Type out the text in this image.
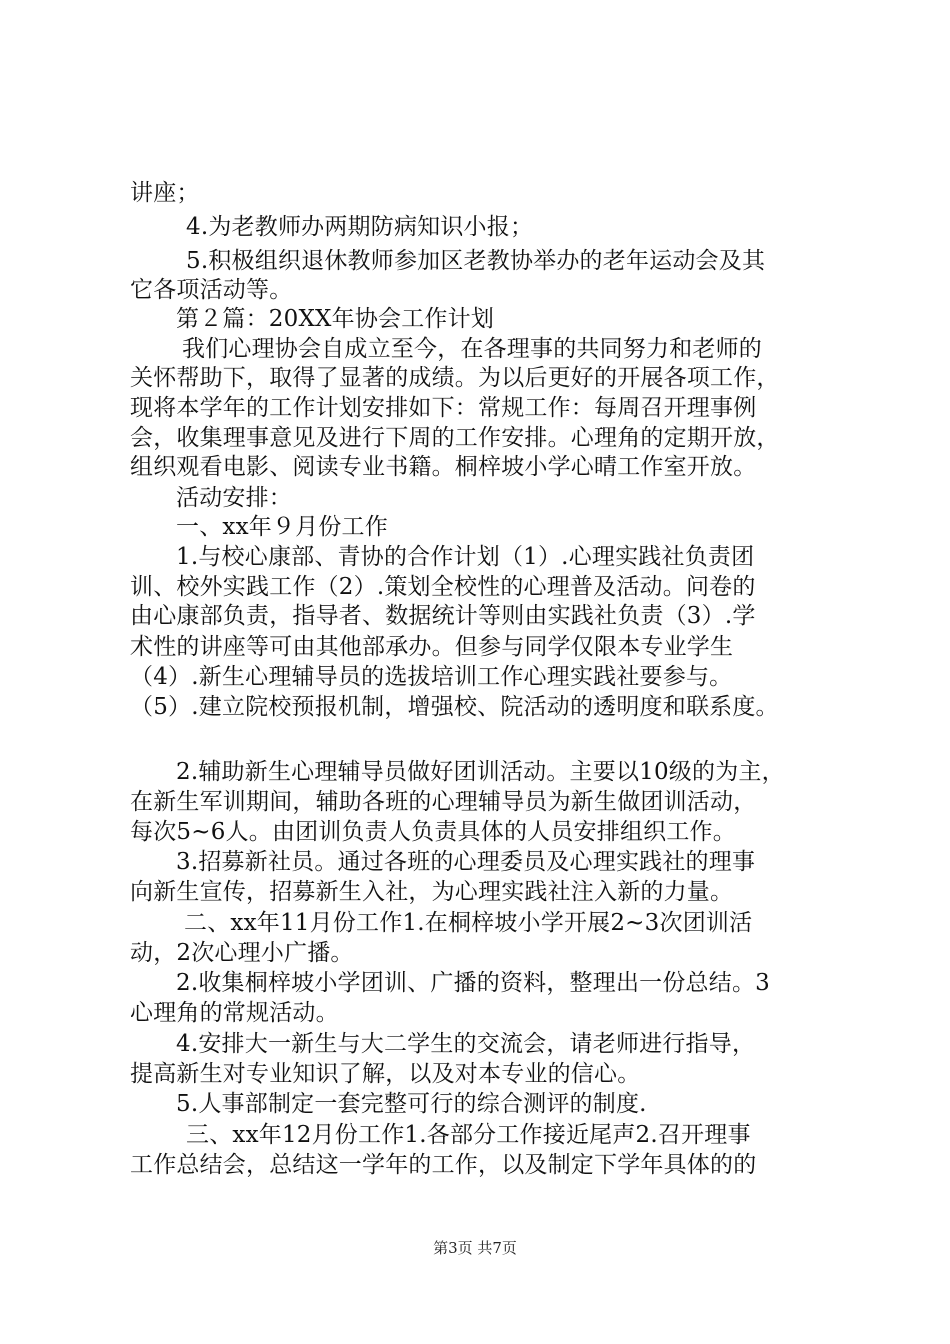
讲座；
4.为老教师办两期防病知识小报；
5.积极组织退休教师参加区老教协举办的老年运动会及其
它各项活动等。
第２篇：20XX年协会工作计划
我们心理协会自成立至今，在各理事的共同努力和老师的
关怀帮助下，取得了显著的成绩。为以后更好的开展各项工作，
现将本学年的工作计划安排如下：常规工作：每周召开理事例
会，收集理事意见及进行下周的工作安排。心理角的定期开放，
组织观看电影、阅读专业书籍。桐梓坡小学心晴工作室开放。
活动安排：
一、xx年９月份工作
1.与校心康部、青协的合作计划（1）.心理实践社负责团
训、校外实践工作（2）.策划全校性的心理普及活动。问卷的
由心康部负责，指导者、数据统计等则由实践社负责（3）.学
术性的讲座等可由其他部承办。但参与同学仅限本专业学生
（4）.新生心理辅导员的选拔培训工作心理实践社要参与。
（5）.建立院校预报机制，增强校、院活动的透明度和联系度。
2.辅助新生心理辅导员做好团训活动。主要以10级的为主，
在新生军训期间，辅助各班的心理辅导员为新生做团训活动，
每次5~6人。由团训负责人负责具体的人员安排组织工作。
3.招募新社员。通过各班的心理委员及心理实践社的理事
向新生宣传，招募新生入社，为心理实践社注入新的力量。
二、xx年11月份工作1.在桐梓坡小学开展2~3次团训活
动，2次心理小广播。
2.收集桐梓坡小学团训、广播的资料，整理出一份总结。3
心理角的常规活动。
4.安排大一新生与大二学生的交流会，请老师进行指导，
提高新生对专业知识了解，以及对本专业的信心。
5.人事部制定一套完整可行的综合测评的制度.
三、xx年12月份工作1.各部分工作接近尾声2.召开理事
工作总结会，总结这一学年的工作，以及制定下学年具体的的
第3页 共7页
